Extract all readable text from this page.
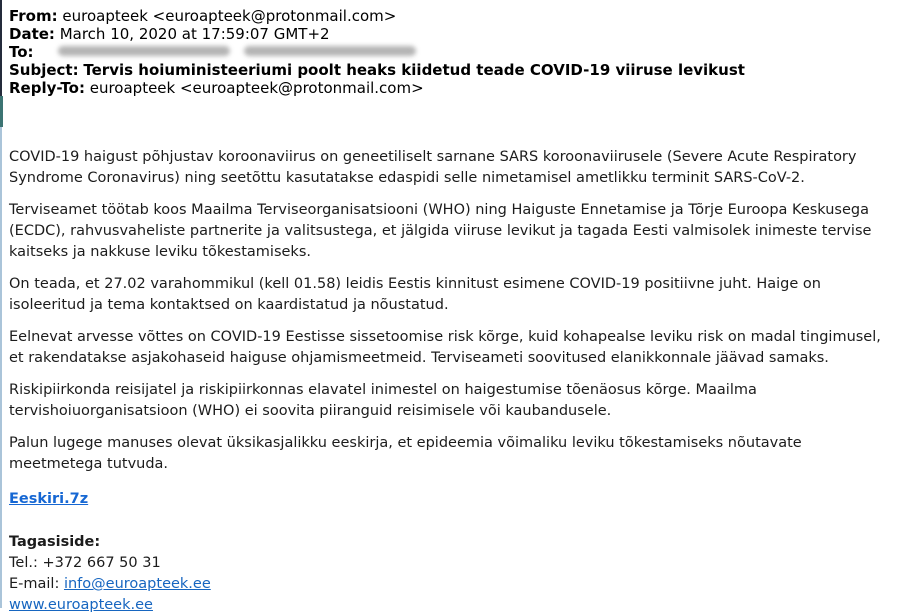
From: euroapteek <euroapteek@protonmail.com>
Date: March 10, 2020 at 17:59:07 GMT+2
To:
Subject: Tervis hoiuministeeriumi poolt heaks kiidetud teade COVID-19 viiruse levikust
Reply-To: euroapteek <euroapteek@protonmail.com>

COVID-19 haigust põhjustav koroonaviirus on geneetiliselt sarnane SARS koroonaviirusele (Severe Acute Respiratory Syndrome Coronavirus) ning seetõttu kasutatakse edaspidi selle nimetamisel ametlikku terminit SARS-CoV-2.

Terviseamet töötab koos Maailma Terviseorganisatsiooni (WHO) ning Haiguste Ennetamise ja Tõrje Euroopa Keskusega (ECDC), rahvusvaheliste partnerite ja valitsustega, et jälgida viiruse levikut ja tagada Eesti valmisolek inimeste tervise kaitseks ja nakkuse leviku tõkestamiseks.

On teada, et 27.02 varahommikul (kell 01.58) leidis Eestis kinnitust esimene COVID-19 positiivne juht. Haige on isoleeritud ja tema kontaktsed on kaardistatud ja nõustatud.

Eelnevat arvesse võttes on COVID-19 Eestisse sissetoomise risk kõrge, kuid kohapealse leviku risk on madal tingimusel, et rakendatakse asjakohaseid haiguse ohjamismeetmeid. Terviseameti soovitused elanikkonnale jäävad samaks.

Riskipiirkonda reisijatel ja riskipiirkonnas elavatel inimestel on haigestumise tõenäosus kõrge. Maailma tervishoiuorganisatsioon (WHO) ei soovita piiranguid reisimisele või kaubandusele.

Palun lugege manuses olevat üksikasjalikku eeskirja, et epideemia võimaliku leviku tõkestamiseks nõutavate meetmetega tutvuda.

Eeskiri.7z

Tagasiside:
Tel.: +372 667 50 31
E-mail: info@euroapteek.ee
www.euroapteek.ee
